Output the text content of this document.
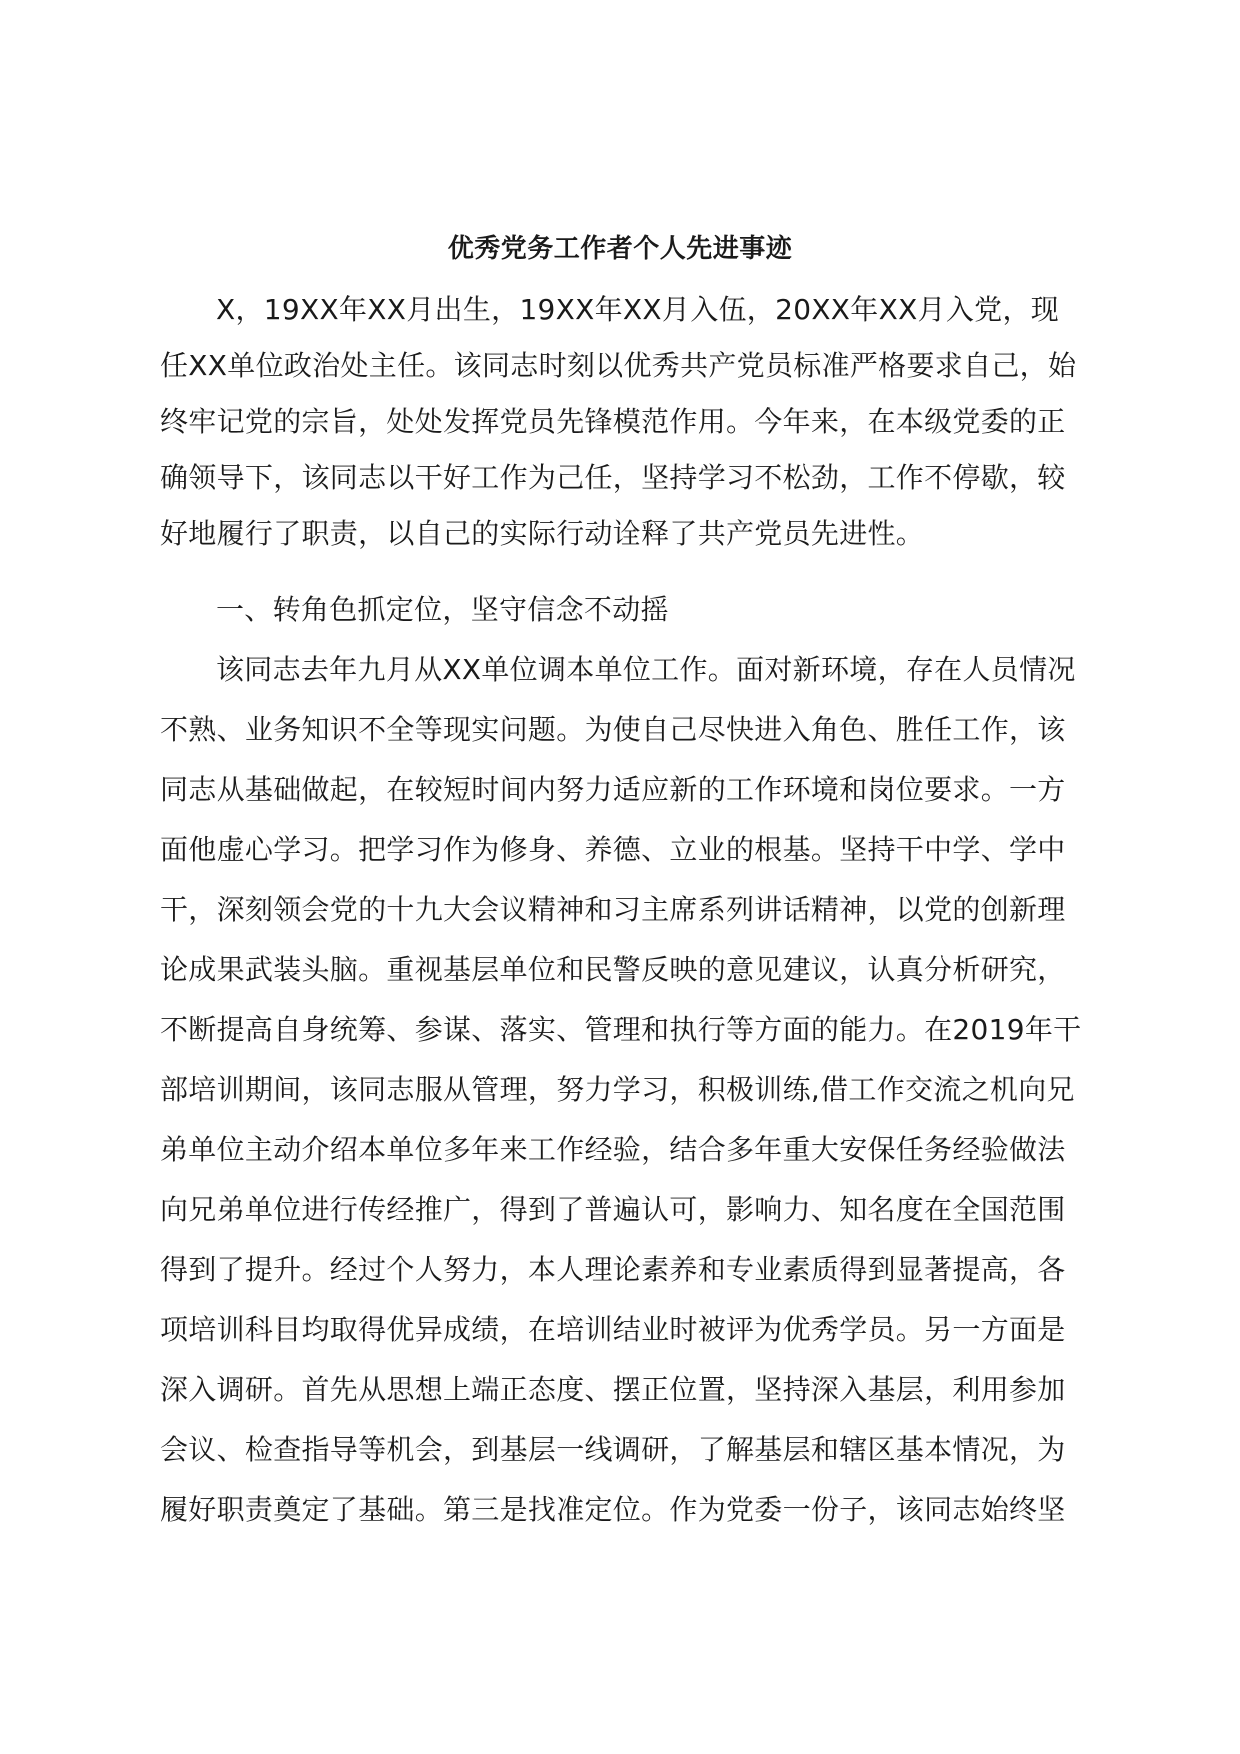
优秀党务工作者个人先进事迹
X，19XX年XX月出生，19XX年XX月入伍，20XX年XX月入党，现
任XX单位政治处主任。该同志时刻以优秀共产党员标准严格要求自己，始
终牢记党的宗旨，处处发挥党员先锋模范作用。今年来，在本级党委的正
确领导下，该同志以干好工作为己任，坚持学习不松劲，工作不停歇，较
好地履行了职责，以自己的实际行动诠释了共产党员先进性。
一、转角色抓定位，坚守信念不动摇
该同志去年九月从XX单位调本单位工作。面对新环境，存在人员情况
不熟、业务知识不全等现实问题。为使自己尽快进入角色、胜任工作，该
同志从基础做起，在较短时间内努力适应新的工作环境和岗位要求。一方
面他虚心学习。把学习作为修身、养德、立业的根基。坚持干中学、学中
干，深刻领会党的十九大会议精神和习主席系列讲话精神，以党的创新理
论成果武装头脑。重视基层单位和民警反映的意见建议，认真分析研究，
不断提高自身统筹、参谋、落实、管理和执行等方面的能力。在2019年干
部培训期间，该同志服从管理，努力学习，积极训练,借工作交流之机向兄
弟单位主动介绍本单位多年来工作经验，结合多年重大安保任务经验做法
向兄弟单位进行传经推广，得到了普遍认可，影响力、知名度在全国范围
得到了提升。经过个人努力，本人理论素养和专业素质得到显著提高，各
项培训科目均取得优异成绩，在培训结业时被评为优秀学员。另一方面是
深入调研。首先从思想上端正态度、摆正位置，坚持深入基层，利用参加
会议、检查指导等机会，到基层一线调研，了解基层和辖区基本情况，为
履好职责奠定了基础。第三是找准定位。作为党委一份子，该同志始终坚
